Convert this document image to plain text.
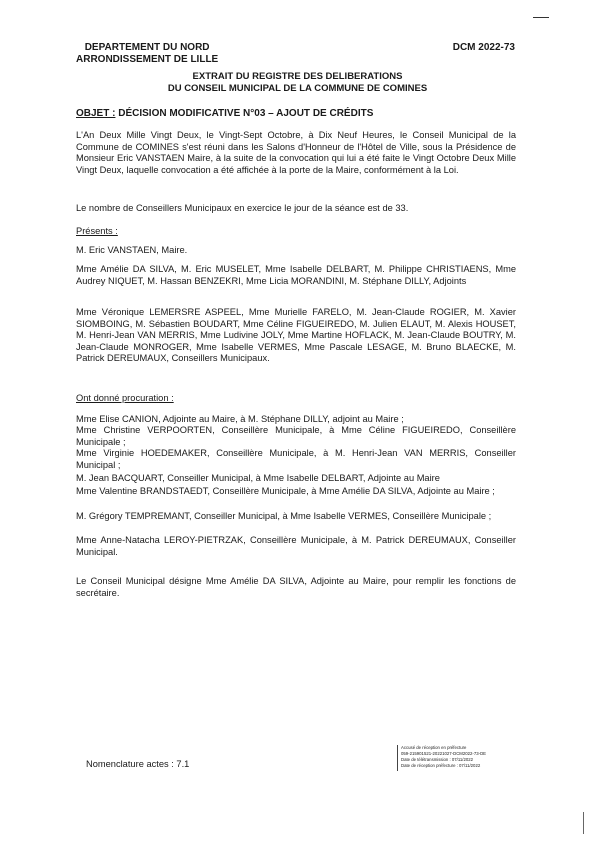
DEPARTEMENT DU NORD
ARRONDISSEMENT DE LILLE
DCM 2022-73
EXTRAIT DU REGISTRE DES DELIBERATIONS
DU CONSEIL MUNICIPAL DE LA COMMUNE DE COMINES
OBJET : DÉCISION MODIFICATIVE N°03 – AJOUT DE CRÉDITS

L'An Deux Mille Vingt Deux, le Vingt-Sept Octobre, à Dix Neuf Heures, le Conseil Municipal de la Commune de COMINES s'est réuni dans les Salons d'Honneur de l'Hôtel de Ville, sous la Présidence de Monsieur Eric VANSTAEN Maire, à la suite de la convocation qui lui a été faite le Vingt Octobre Deux Mille Vingt Deux, laquelle convocation a été affichée à la porte de la Maire, conformément à la Loi.

Le nombre de Conseillers Municipaux en exercice le jour de la séance est de 33.

Présents :

M. Eric VANSTAEN, Maire.

Mme Amélie DA SILVA, M. Eric MUSELET, Mme Isabelle DELBART, M. Philippe CHRISTIAENS, Mme Audrey NIQUET, M. Hassan BENZEKRI, Mme Licia MORANDINI, M. Stéphane DILLY, Adjoints

Mme Véronique LEMERSRE ASPEEL, Mme Murielle FARELO, M. Jean-Claude ROGIER, M. Xavier SIOMBOING, M. Sébastien BOUDART, Mme Céline FIGUEIREDO, M. Julien ELAUT, M. Alexis HOUSET, M. Henri-Jean VAN MERRIS, Mme Ludivine JOLY, Mme Martine HOFLACK, M. Jean-Claude BOUTRY, M. Jean-Claude MONROGER, Mme Isabelle VERMES, Mme Pascale LESAGE, M. Bruno BLAECKE, M. Patrick DEREUMAUX, Conseillers Municipaux.

Ont donné procuration :

Mme Elise CANION, Adjointe au Maire, à M. Stéphane DILLY, adjoint au Maire ;

Mme Christine VERPOORTEN, Conseillère Municipale, à Mme Céline FIGUEIREDO, Conseillère Municipale ;

Mme Virginie HOEDEMAKER, Conseillère Municipale, à M. Henri-Jean VAN MERRIS, Conseiller Municipal ;

M. Jean BACQUART, Conseiller Municipal, à Mme Isabelle DELBART, Adjointe au Maire

Mme Valentine BRANDSTAEDT, Conseillère Municipale, à Mme Amélie DA SILVA, Adjointe au Maire ;

M. Grégory TEMPREMANT, Conseiller Municipal, à Mme Isabelle VERMES, Conseillère Municipale ;

Mme Anne-Natacha LEROY-PIETRZAK, Conseillère Municipale, à M. Patrick DEREUMAUX, Conseiller Municipal.

Le Conseil Municipal désigne Mme Amélie DA SILVA, Adjointe au Maire, pour remplir les fonctions de secrétaire.

Nomenclature actes : 7.1
Accusé de réception en préfecture
059-215901521-20221027-DCM2022-73-DE
Date de télétransmission : 07/11/2022
Date de réception préfecture : 07/11/2022
